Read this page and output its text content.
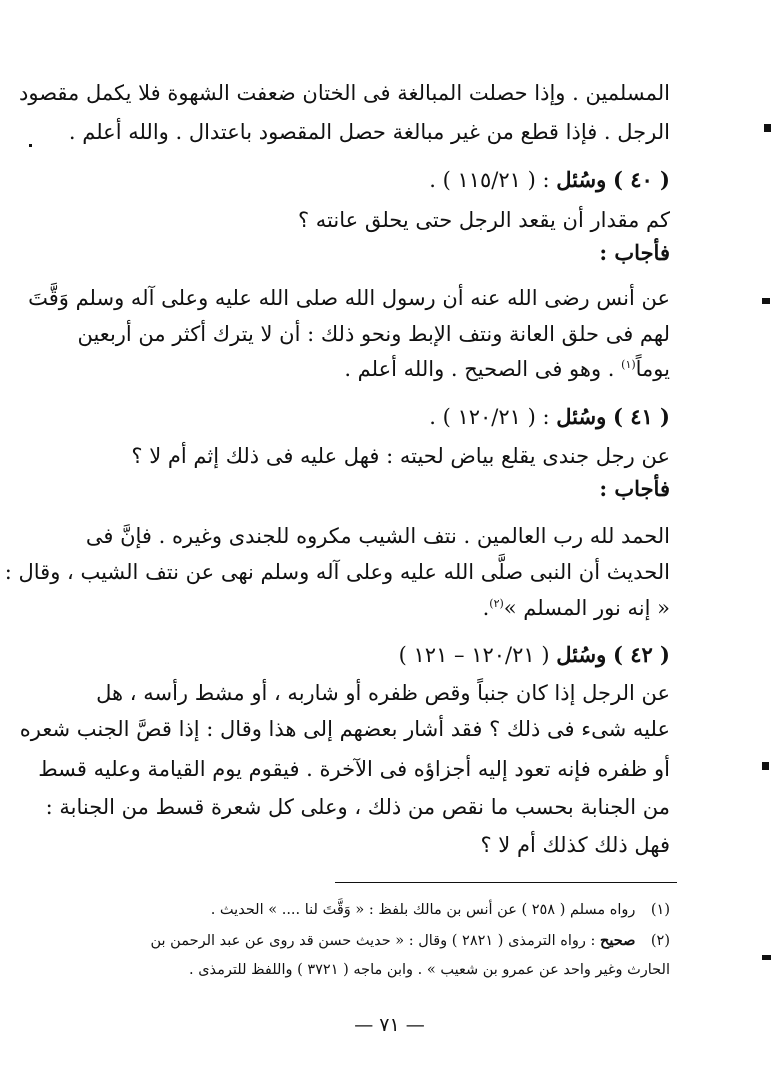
المسلمين . وإذا حصلت المبالغة فى الختان ضعفت الشهوة فلا يكمل مقصود
الرجل . فإذا قطع من غير مبالغة حصل المقصود باعتدال . والله أعلم .
( ٤٠ ) وسُئل : ( ١١٥/٢١ ) .
كم مقدار أن يقعد الرجل حتى يحلق عانته ؟
فأجاب :
عن أنس رضى الله عنه أن رسول الله صلى الله عليه وعلى آله وسلم وَقَّتَ
لهم فى حلق العانة ونتف الإبط ونحو ذلك : أن لا يترك أكثر من أربعين
يوماً$^{(١)}$ . وهو فى الصحيح . والله أعلم .
( ٤١ ) وسُئل : ( ١٢٠/٢١ ) .
عن رجل جندى يقلع بياض لحيته : فهل عليه فى ذلك إثم أم لا ؟
فأجاب :
الحمد لله رب العالمين . نتف الشيب مكروه للجندى وغيره . فإنَّ فى
الحديث أن النبى صلَّى الله عليه وعلى آله وسلم نهى عن نتف الشيب ، وقال :
« إنه نور المسلم »$^{(٢)}$.
( ٤٢ ) وسُئل ( ١٢٠/٢١ – ١٢١ )
عن الرجل إذا كان جنباً وقص ظفره أو شاربه ، أو مشط رأسه ، هل
عليه شىء فى ذلك ؟ فقد أشار بعضهم إلى هذا وقال : إذا قصَّ الجنب شعره
أو ظفره فإنه تعود إليه أجزاؤه فى الآخرة . فيقوم يوم القيامة وعليه قسط
من الجنابة بحسب ما نقص من ذلك ، وعلى كل شعرة قسط من الجنابة :
فهل ذلك كذلك أم لا ؟
(١) رواه مسلم ( ٢٥٨ ) عن أنس بن مالك بلفظ : « وَقَّتَ لنا .... » الحديث .
(٢) صحيح : رواه الترمذى ( ٢٨٢١ ) وقال : « حديث حسن قد روى عن عبد الرحمن بن
الحارث وغير واحد عن عمرو بن شعيب » . وابن ماجه ( ٣٧٢١ ) واللفظ للترمذى .
— ٧١ —
